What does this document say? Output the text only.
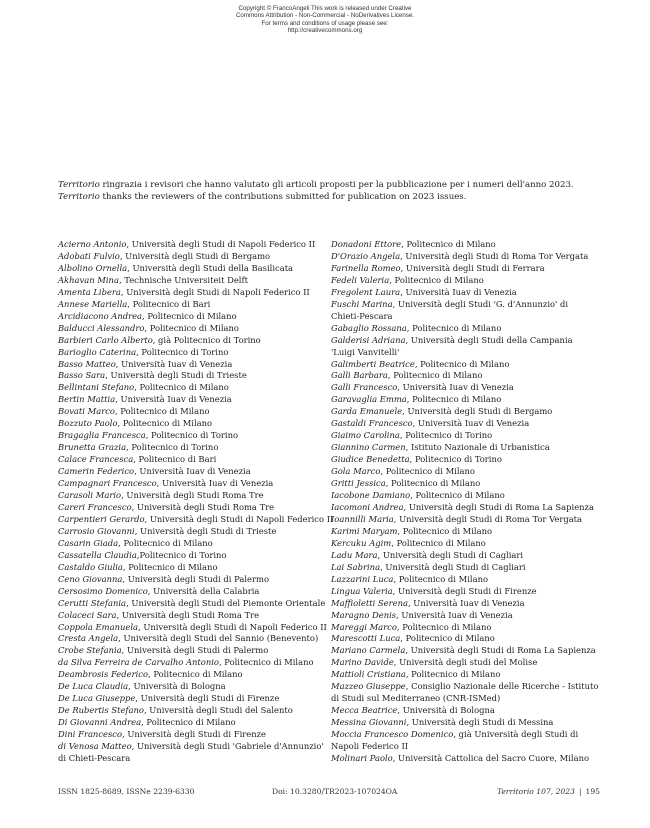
Copyright © FrancoAngeli This work is released under Creative
Commons Attribution - Non-Commercial - NoDerivatives License.
For terms and conditions of usage please see:
http://creativecommons.org
Territorio ringrazia i revisori che hanno valutato gli articoli proposti per la pubblicazione per i numeri dell'anno 2023.
Territorio thanks the reviewers of the contributions submitted for publication on 2023 issues.
Acierno Antonio, Università degli Studi di Napoli Federico II
Adobati Fulvio, Università degli Studi di Bergamo
Albolino Ornella, Università degli Studi della Basilicata
Akhavan Mina, Technische Universiteit Delft
Amenta Libera, Università degli Studi di Napoli Federico II
Annese Mariella, Politecnico di Bari
Arcidiacono Andrea, Politecnico di Milano
Balducci Alessandro, Politecnico di Milano
Barbieri Carlo Alberto, già Politecnico di Torino
Barioglio Caterina, Politecnico di Torino
Basso Matteo, Università Iuav di Venezia
Basso Sara, Università degli Studi di Trieste
Bellintani Stefano, Politecnico di Milano
Bertin Mattia, Università Iuav di Venezia
Bovati Marco, Politecnico di Milano
Bozzuto Paolo, Politecnico di Milano
Bragaglia Francesca, Politecnico di Torino
Brunetta Grazia, Politecnico di Torino
Calace Francesca, Politecnico di Bari
Camerin Federico, Università Iuav di Venezia
Campagnari Francesco, Università Iuav di Venezia
Carasoli Mario, Università degli Studi Roma Tre
Careri Francesco, Università degli Studi Roma Tre
Carpentieri Gerardo, Università degli Studi di Napoli Federico II
Carrosio Giovanni, Università degli Studi di Trieste
Casarin Giada, Politecnico di Milano
Cassatella Claudia,Politecnico di Torino
Castaldo Giulia, Politecnico di Milano
Ceno Giovanna, Università degli Studi di Palermo
Cersosimo Domenico, Università della Calabria
Cerutti Stefania, Università degli Studi del Piemonte Orientale
Colaceci Sara, Università degli Studi Roma Tre
Coppola Emanuela, Università degli Studi di Napoli Federico II
Cresta Angela, Università degli Studi del Sannio (Benevento)
Crobe Stefania, Università degli Studi di Palermo
da Silva Ferreira de Carvalho Antonio, Politecnico di Milano
Deambrosis Federico, Politecnico di Milano
De Luca Claudia, Università di Bologna
De Luca Giuseppe, Università degli Studi di Firenze
De Rubertis Stefano, Università degli Studi del Salento
Di Giovanni Andrea, Politecnico di Milano
Dini Francesco, Università degli Studi di Firenze
di Venosa Matteo, Università degli Studi 'Gabriele d'Annunzio'
di Chieti-Pescara
Donadoni Ettore, Politecnico di Milano
D'Orazio Angela, Università degli Studi di Roma Tor Vergata
Farinella Romeo, Università degli Studi di Ferrara
Fedeli Valeria, Politecnico di Milano
Fregolent Laura, Università Iuav di Venezia
Fuschi Marina, Università degli Studi 'G. d'Annunzio' di
Chieti-Pescara
Gabaglio Rossana, Politecnico di Milano
Galderisi Adriana, Università degli Studi della Campania
'Luigi Vanvitelli'
Galimberti Beatrice, Politecnico di Milano
Galli Barbara, Politecnico di Milano
Galli Francesco, Università Iuav di Venezia
Garavaglia Emma, Politecnico di Milano
Garda Emanuele, Università degli Studi di Bergamo
Gastaldi Francesco, Università Iuav di Venezia
Giaimo Carolina, Politecnico di Torino
Giannino Carmen, Istituto Nazionale di Urbanistica
Giudice Benedetta, Politecnico di Torino
Gola Marco, Politecnico di Milano
Gritti Jessica, Politecnico di Milano
Iacobone Damiano, Politecnico di Milano
Iacomoni Andrea, Università degli Studi di Roma La Sapienza
Ioannilli Maria, Università degli Studi di Roma Tor Vergata
Karimi Maryam, Politecnico di Milano
Kercuku Agim, Politecnico di Milano
Ladu Mara, Università degli Studi di Cagliari
Lai Sabrina, Università degli Studi di Cagliari
Lazzarini Luca, Politecnico di Milano
Lingua Valeria, Università degli Studi di Firenze
Maffioletti Serena, Università Iuav di Venezia
Maragno Denis, Università Iuav di Venezia
Mareggi Marco, Politecnico di Milano
Marescotti Luca, Politecnico di Milano
Mariano Carmela, Università degli Studi di Roma La Sapienza
Marino Davide, Università degli studi del Molise
Mattioli Cristiana, Politecnico di Milano
Mazzeo Giuseppe, Consiglio Nazionale delle Ricerche - Istituto
di Studi sul Mediterraneo (CNR-ISMed)
Mecca Beatrice, Università di Bologna
Messina Giovanni, Università degli Studi di Messina
Moccia Francesco Domenico, già Università degli Studi di
Napoli Federico II
Molinari Paolo, Università Cattolica del Sacro Cuore, Milano
ISSN 1825-8689, ISSNe 2239-6330	Doi: 10.3280/TR2023-107024OA	Territorio 107, 2023 | 195
